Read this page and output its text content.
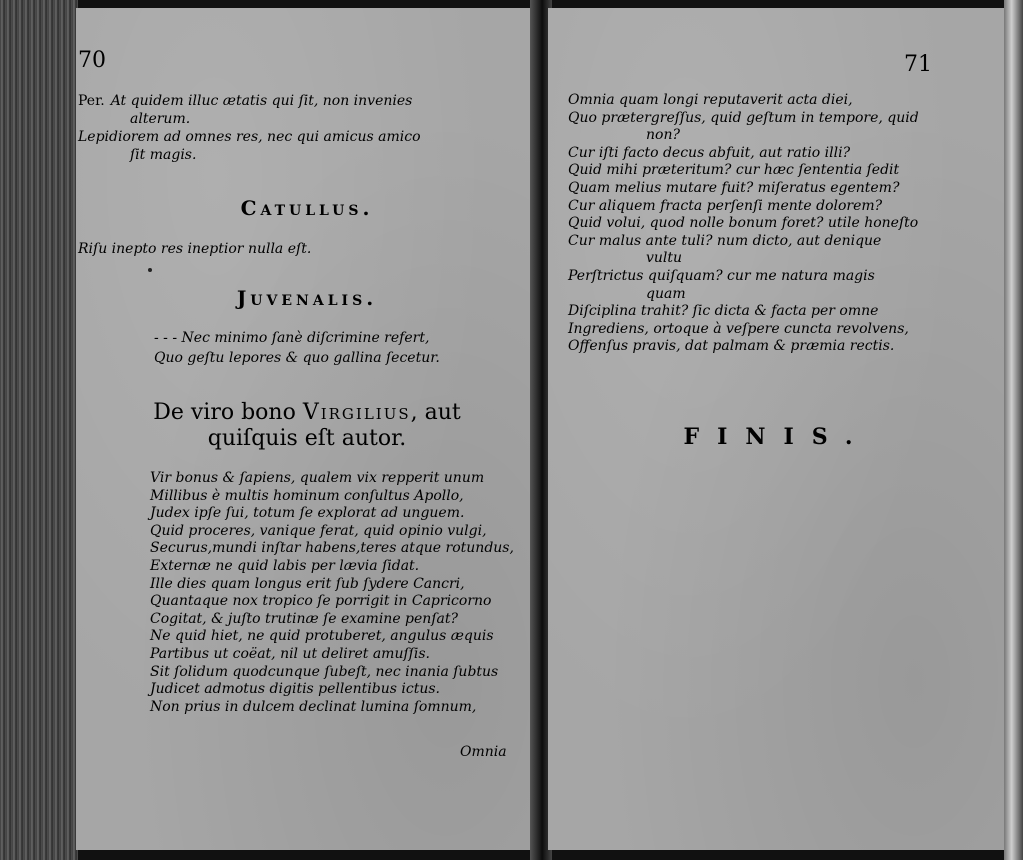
70
Per. At quidem illuc ætatis qui ſit, non invenies
alterum.
Lepidiorem ad omnes res, nec qui amicus amico
ſit magis.
Catullus.
Riſu inepto res ineptior nulla eſt.
Juvenalis.
- - - Nec minimo ſanè diſcrimine refert,
Quo geſtu lepores & quo gallina ſecetur.
De viro bono Virgilius, aut
quiſquis eſt autor.
Vir bonus & ſapiens, qualem vix repperit unum
Millibus è multis hominum conſultus Apollo,
Judex ipſe ſui, totum ſe explorat ad unguem.
Quid proceres, vanique ferat, quid opinio vulgi,
Securus,mundi inſtar habens,teres atque rotundus,
Externæ ne quid labis per lævia ſidat.
Ille dies quam longus erit ſub ſydere Cancri,
Quantaque nox tropico ſe porrigit in Capricorno
Cogitat, & juſto trutinæ ſe examine penſat?
Ne quid hiet, ne quid protuberet, angulus æquis
Partibus ut coëat, nil ut deliret amuſſis.
Sit ſolidum quodcunque ſubeſt, nec inania ſubtus
Judicet admotus digitis pellentibus ictus.
Non prius in dulcem declinat lumina ſomnum,
Omnia
71
Omnia quam longi reputaverit acta diei,
Quo prætergreſſus, quid geſtum in tempore, quid
non?
Cur iſti facto decus abfuit, aut ratio illi?
Quid mihi præteritum? cur hæc ſententia ſedit
Quam melius mutare fuit? miſeratus egentem?
Cur aliquem fracta perſenſi mente dolorem?
Quid volui, quod nolle bonum foret? utile honeſto
Cur malus ante tuli? num dicto, aut denique
vultu
Perſtrictus quiſquam? cur me natura magis
quam
Diſciplina trahit? ſic dicta & facta per omne
Ingrediens, ortoque à veſpere cuncta revolvens,
Offenſus pravis, dat palmam & præmia rectis.
FINIS.
